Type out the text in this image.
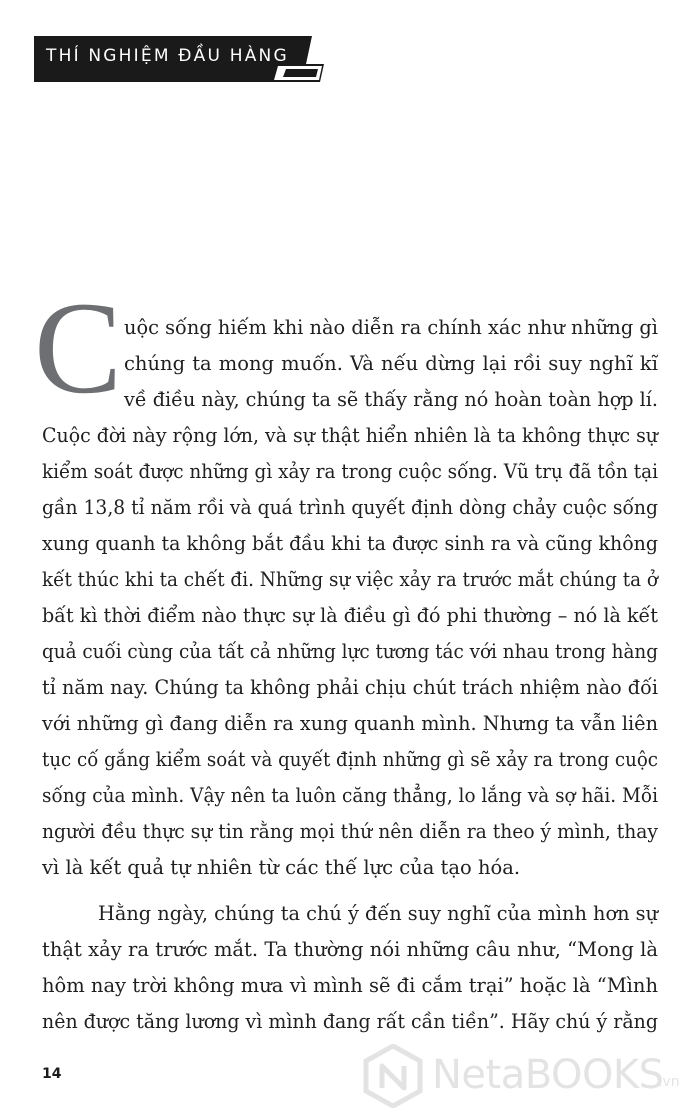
THÍ NGHIỆM ĐẦU HÀNG
C uộc sống hiếm khi nào diễn ra chính xác như những gì
chúng ta mong muốn. Và nếu dừng lại rồi suy nghĩ kĩ
về điều này, chúng ta sẽ thấy rằng nó hoàn toàn hợp lí.
Cuộc đời này rộng lớn, và sự thật hiển nhiên là ta không thực sự
kiểm soát được những gì xảy ra trong cuộc sống. Vũ trụ đã tồn tại
gần 13,8 tỉ năm rồi và quá trình quyết định dòng chảy cuộc sống
xung quanh ta không bắt đầu khi ta được sinh ra và cũng không
kết thúc khi ta chết đi. Những sự việc xảy ra trước mắt chúng ta ở
bất kì thời điểm nào thực sự là điều gì đó phi thường – nó là kết
quả cuối cùng của tất cả những lực tương tác với nhau trong hàng
tỉ năm nay. Chúng ta không phải chịu chút trách nhiệm nào đối
với những gì đang diễn ra xung quanh mình. Nhưng ta vẫn liên
tục cố gắng kiểm soát và quyết định những gì sẽ xảy ra trong cuộc
sống của mình. Vậy nên ta luôn căng thẳng, lo lắng và sợ hãi. Mỗi
người đều thực sự tin rằng mọi thứ nên diễn ra theo ý mình, thay
vì là kết quả tự nhiên từ các thế lực của tạo hóa.
Hằng ngày, chúng ta chú ý đến suy nghĩ của mình hơn sự
thật xảy ra trước mắt. Ta thường nói những câu như, “Mong là
hôm nay trời không mưa vì mình sẽ đi cắm trại” hoặc là “Mình
nên được tăng lương vì mình đang rất cần tiền”. Hãy chú ý rằng
14	NetaBOOKS
.vn
